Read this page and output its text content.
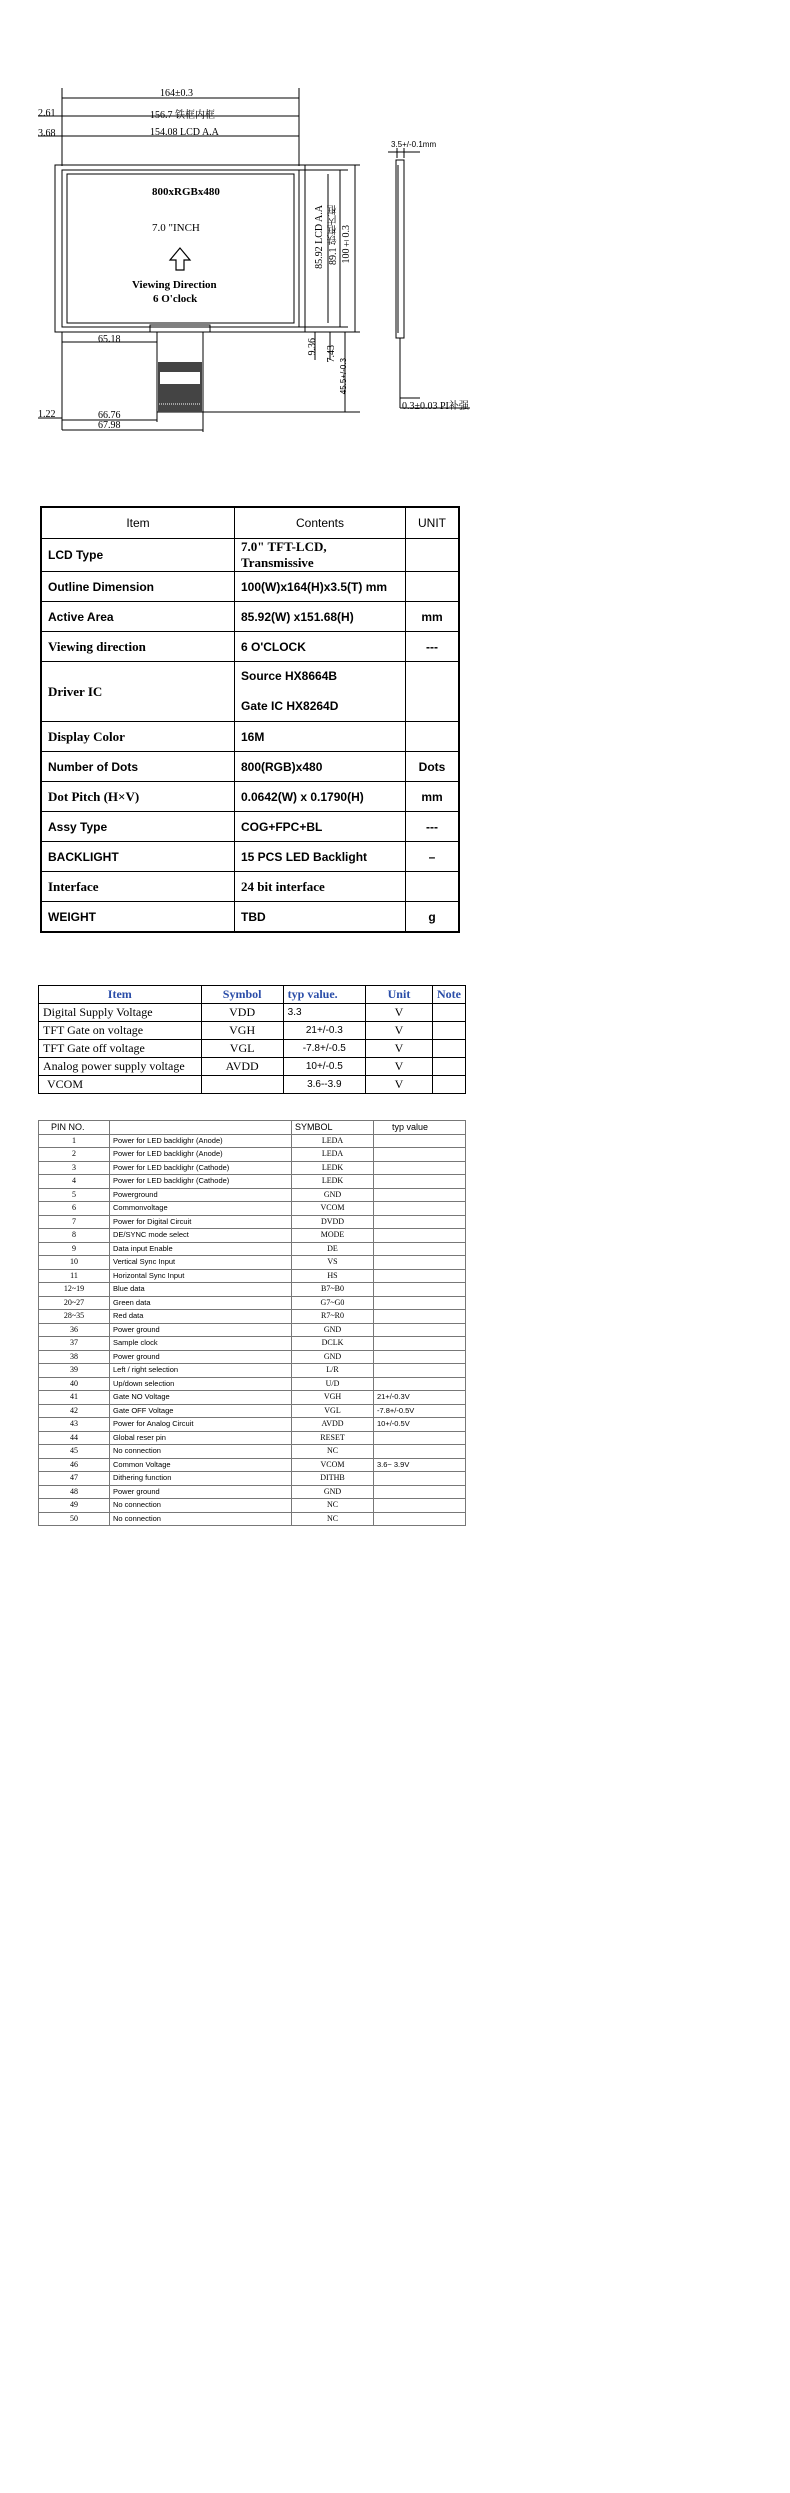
164±0.3
156.7 铁框内框
154.08 LCD A.A
2.61
3.68
800xRGBx480
7.0 "INCH
Viewing Direction
6 O'clock
65.18
1.22	66.76
67.98
HK8264
85.92 LCD A.A 89.1 铁框内框 100±0.3
9.36 7.43
45.5+/-0.3
3.5+/-0.1mm
0.3±0.03 PI补强
Item	Contents	UNIT
LCD Type	7.0" TFT-LCD, Transmissive	
Outline Dimension	100(W)x164(H)x3.5(T) mm	
Active Area	85.92(W) x151.68(H)	mm
Viewing direction	6 O'CLOCK	---
Driver IC	Source HX8664B
Gate IC HX8264D	

Display Color	16M	
Number of Dots	800(RGB)x480	Dots
Dot Pitch (H×V)	0.0642(W) x 0.1790(H)	mm
Assy Type	COG+FPC+BL	---
BACKLIGHT	15 PCS LED Backlight	–
Interface	24 bit interface	
WEIGHT	TBD	g
Item	Symbol	typ value.	Unit	Note
Digital Supply Voltage	VDD	3.3	V	
TFT Gate on voltage	VGH	21+/-0.3	V	
TFT Gate off voltage	VGL	-7.8+/-0.5	V	
Analog power supply voltage	AVDD	10+/-0.5	V	
VCOM		3.6--3.9	V	
PIN NO.		SYMBOL	typ value
1	Power for LED backlighr (Anode)	LEDA	
2	Power for LED backlighr (Anode)	LEDA	
3	Power for LED backlighr (Cathode)	LEDK	
4	Power for LED backlighr (Cathode)	LEDK	
5	Powerground	GND	
6	Commonvoltage	VCOM	
7	Power for Digital Circuit	DVDD	
8	DE/SYNC mode select	MODE	
9	Data input Enable	DE	
10	Vertical Sync Input	VS	
11	Horizontal Sync Input	HS	
12~19	Blue data	B7~B0	
20~27	Green data	G7~G0	
28~35	Red data	R7~R0	
36	Power ground	GND	
37	Sample clock	DCLK	
38	Power ground	GND	
39	Left / right selection	L/R	
40	Up/down selection	U/D	
41	Gate NO Voltage	VGH	21+/-0.3V
42	Gate OFF Voltage	VGL	-7.8+/-0.5V
43	Power for Analog Circuit	AVDD	10+/-0.5V
44	Global reser pin	RESET	
45	No connection	NC	
46	Common Voltage	VCOM	3.6~ 3.9V
47	Dithering function	DITHB	
48	Power ground	GND	
49	No connection	NC	
50	No connection	NC	
